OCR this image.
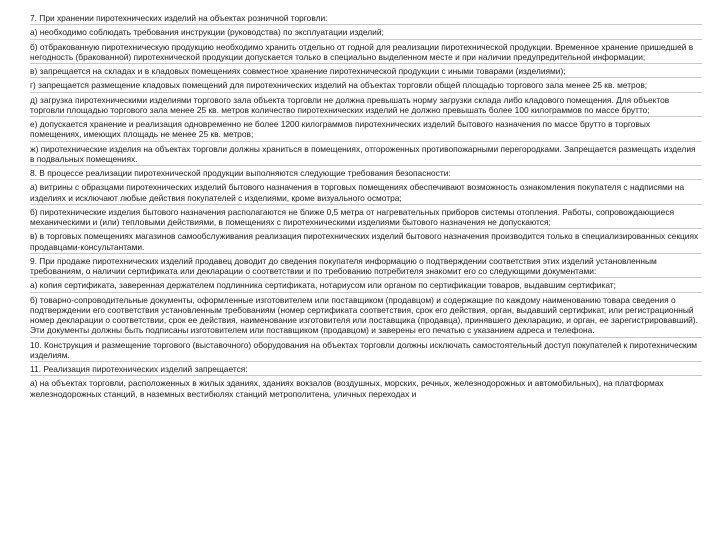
7. При хранении пиротехнических изделий на объектах розничной торговли:

а) необходимо соблюдать требования инструкции (руководства) по эксплуатации изделий;

б) отбракованную пиротехническую продукцию необходимо хранить отдельно от годной для реализации пиротехнической продукции. Временное хранение пришедшей в негодность (бракованной) пиротехнической продукции допускается только в специально выделенном месте и при наличии предупредительной информации;

в) запрещается на складах и в кладовых помещениях совместное хранение пиротехнической продукции с иными товарами (изделиями);

г) запрещается размещение кладовых помещений для пиротехнических изделий на объектах торговли общей площадью торгового зала менее 25 кв. метров;

д) загрузка пиротехническими изделиями торгового зала объекта торговли не должна превышать норму загрузки склада либо кладового помещения. Для объектов торговли площадью торгового зала менее 25 кв. метров количество пиротехнических изделий не должно превышать более 100 килограммов по массе брутто;

е) допускается хранение и реализация одновременно не более 1200 килограммов пиротехнических изделий бытового назначения по массе брутто в торговых помещениях, имеющих площадь не менее 25 кв. метров;

ж) пиротехнические изделия на объектах торговли должны храниться в помещениях, отгороженных противопожарными перегородками. Запрещается размещать изделия в подвальных помещениях.

8. В процессе реализации пиротехнической продукции выполняются следующие требования безопасности:

а) витрины с образцами пиротехнических изделий бытового назначения в торговых помещениях обеспечивают возможность ознакомления покупателя с надписями на изделиях и исключают любые действия покупателей с изделиями, кроме визуального осмотра;

б) пиротехнические изделия бытового назначения располагаются не ближе 0,5 метра от нагревательных приборов системы отопления. Работы, сопровождающиеся механическими и (или) тепловыми действиями, в помещениях с пиротехническими изделиями бытового назначения не допускаются;

в) в торговых помещениях магазинов самообслуживания реализация пиротехнических изделий бытового назначения производится только в специализированных секциях продавцами-консультантами.

9. При продаже пиротехнических изделий продавец доводит до сведения покупателя информацию о подтверждении соответствия этих изделий установленным требованиям, о наличии сертификата или декларации о соответствии и по требованию потребителя знакомит его со следующими документами:

а) копия сертификата, заверенная держателем подлинника сертификата, нотариусом или органом по сертификации товаров, выдавшим сертификат;

б) товарно-сопроводительные документы, оформленные изготовителем или поставщиком (продавцом) и содержащие по каждому наименованию товара сведения о подтверждении его соответствия установленным требованиям (номер сертификата соответствия, срок его действия, орган, выдавший сертификат, или регистрационный номер декларации о соответствии, срок ее действия, наименование изготовителя или поставщика (продавца), принявшего декларацию, и орган, ее зарегистрировавший). Эти документы должны быть подписаны изготовителем или поставщиком (продавцом) и заверены его печатью с указанием адреса и телефона.

10. Конструкция и размещение торгового (выставочного) оборудования на объектах торговли должны исключать самостоятельный доступ покупателей к пиротехническим изделиям.

11. Реализация пиротехнических изделий запрещается:

а) на объектах торговли, расположенных в жилых зданиях, зданиях вокзалов (воздушных, морских, речных, железнодорожных и автомобильных), на платформах железнодорожных станций, в наземных вестибюлях станций метрополитена, уличных переходах и
